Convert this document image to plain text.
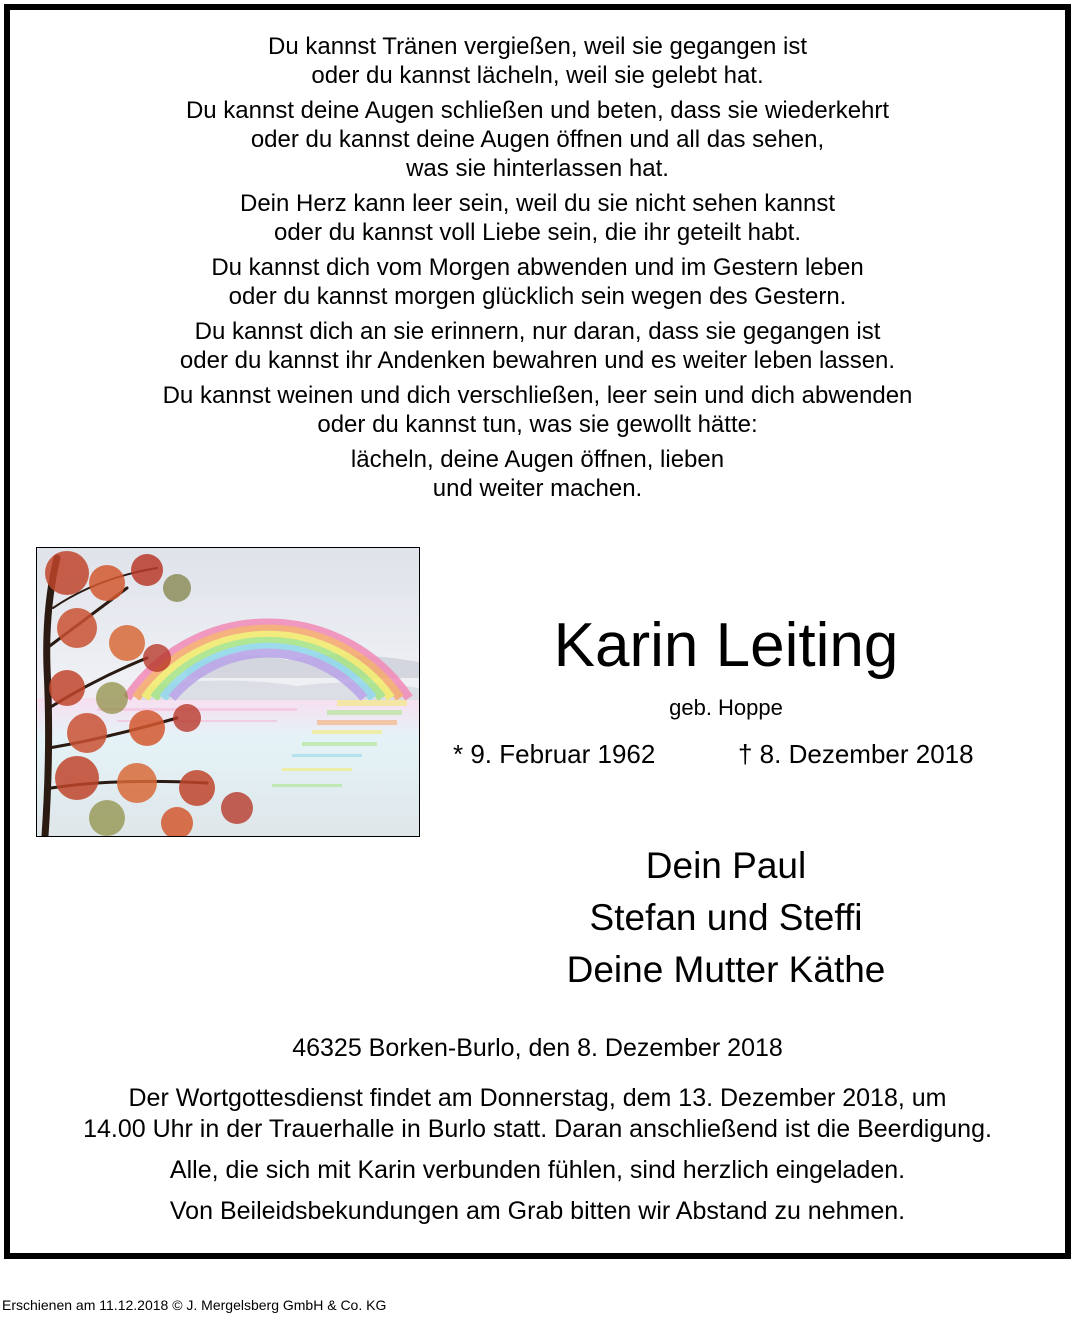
Du kannst Tränen vergießen, weil sie gegangen ist
oder du kannst lächeln, weil sie gelebt hat.
Du kannst deine Augen schließen und beten, dass sie wiederkehrt
oder du kannst deine Augen öffnen und all das sehen,
was sie hinterlassen hat.
Dein Herz kann leer sein, weil du sie nicht sehen kannst
oder du kannst voll Liebe sein, die ihr geteilt habt.
Du kannst dich vom Morgen abwenden und im Gestern leben
oder du kannst morgen glücklich sein wegen des Gestern.
Du kannst dich an sie erinnern, nur daran, dass sie gegangen ist
oder du kannst ihr Andenken bewahren und es weiter leben lassen.
Du kannst weinen und dich verschließen, leer sein und dich abwenden
oder du kannst tun, was sie gewollt hätte:
lächeln, deine Augen öffnen, lieben
und weiter machen.
Karin Leiting
geb. Hoppe
* 9. Februar 1962	† 8. Dezember 2018
Dein Paul
Stefan und Steffi
Deine Mutter Käthe
46325 Borken-Burlo, den 8. Dezember 2018
Der Wortgottesdienst findet am Donnerstag, dem 13. Dezember 2018, um
14.00 Uhr in der Trauerhalle in Burlo statt. Daran anschließend ist die Beerdigung.
Alle, die sich mit Karin verbunden fühlen, sind herzlich eingeladen.
Von Beileidsbekundungen am Grab bitten wir Abstand zu nehmen.
Erschienen am 11.12.2018 © J. Mergelsberg GmbH & Co. KG
